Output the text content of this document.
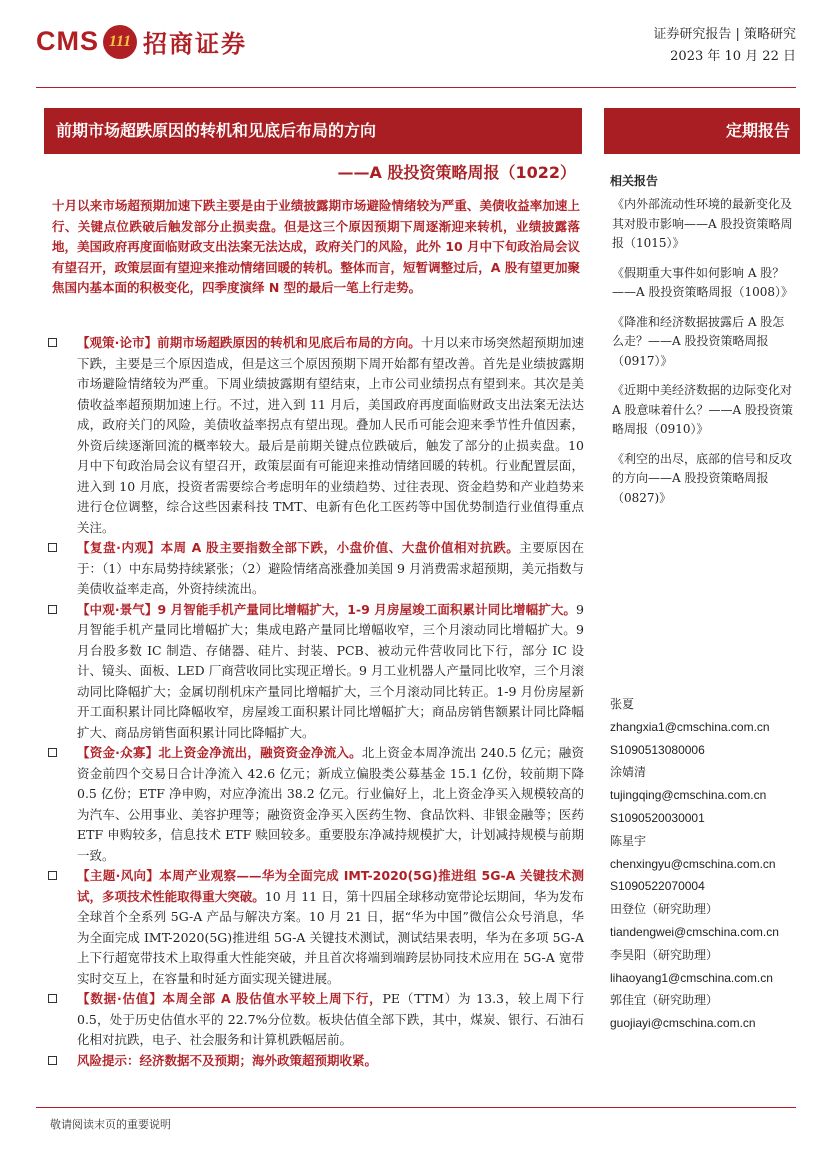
CMS 111 招商证券	证券研究报告 | 策略研究
2023 年 10 月 22 日
前期市场超跌原因的转机和见底后布局的方向
——A 股投资策略周报（1022）
定期报告
十月以来市场超预期加速下跌主要是由于业绩披露期市场避险情绪较为严重、美债收益率加速上行、关键点位跌破后触发部分止损卖盘。但是这三个原因预期下周逐渐迎来转机，业绩披露落地，美国政府再度面临财政支出法案无法达成，政府关门的风险，此外 10 月中下旬政治局会议有望召开，政策层面有望迎来推动情绪回暖的转机。整体而言，短暂调整过后，A 股有望更加聚焦国内基本面的积极变化，四季度演绎 N 型的最后一笔上行走势。
【观策·论市】前期市场超跌原因的转机和见底后布局的方向。十月以来市场突然超预期加速下跌，主要是三个原因造成，但是这三个原因预期下周开始都有望改善。首先是业绩披露期市场避险情绪较为严重。下周业绩披露期有望结束，上市公司业绩拐点有望到来。其次是美债收益率超预期加速上行。不过，进入到 11 月后，美国政府再度面临财政支出法案无法达成，政府关门的风险，美债收益率拐点有望出现。叠加人民币可能会迎来季节性升值因素，外资后续逐渐回流的概率较大。最后是前期关键点位跌破后，触发了部分的止损卖盘。10 月中下旬政治局会议有望召开，政策层面有可能迎来推动情绪回暖的转机。行业配置层面，进入到 10 月底，投资者需要综合考虑明年的业绩趋势、过往表现、资金趋势和产业趋势来进行仓位调整，综合这些因素科技 TMT、电新有色化工医药等中国优势制造行业值得重点关注。
【复盘·内观】本周 A 股主要指数全部下跌，小盘价值、大盘价值相对抗跌。主要原因在于：（1）中东局势持续紧张；（2）避险情绪高涨叠加美国 9 月消费需求超预期，美元指数与美债收益率走高，外资持续流出。
【中观·景气】9 月智能手机产量同比增幅扩大，1-9 月房屋竣工面积累计同比增幅扩大。9 月智能手机产量同比增幅扩大；集成电路产量同比增幅收窄，三个月滚动同比增幅扩大。9 月台股多数 IC 制造、存储器、硅片、封装、PCB、被动元件营收同比下行，部分 IC 设计、镜头、面板、LED 厂商营收同比实现正增长。9 月工业机器人产量同比收窄，三个月滚动同比降幅扩大；金属切削机床产量同比增幅扩大，三个月滚动同比转正。1-9 月份房屋新开工面积累计同比降幅收窄，房屋竣工面积累计同比增幅扩大；商品房销售额累计同比降幅扩大、商品房销售面积累计同比降幅扩大。
【资金·众寡】北上资金净流出，融资资金净流入。北上资金本周净流出 240.5 亿元；融资资金前四个交易日合计净流入 42.6 亿元；新成立偏股类公募基金 15.1 亿份，较前期下降 0.5 亿份；ETF 净申购，对应净流出 38.2 亿元。行业偏好上，北上资金净买入规模较高的为汽车、公用事业、美容护理等；融资资金净买入医药生物、食品饮料、非银金融等；医药 ETF 申购较多，信息技术 ETF 赎回较多。重要股东净减持规模扩大，计划减持规模与前期一致。
【主题·风向】本周产业观察——华为全面完成 IMT-2020(5G)推进组 5G-A 关键技术测试，多项技术性能取得重大突破。10 月 11 日，第十四届全球移动宽带论坛期间，华为发布全球首个全系列 5G-A 产品与解决方案。10 月 21 日，据“华为中国”微信公众号消息，华为全面完成 IMT-2020(5G)推进组 5G-A 关键技术测试，测试结果表明，华为在多项 5G-A 上下行超宽带技术上取得重大性能突破，并且首次将端到端跨层协同技术应用在 5G-A 宽带实时交互上，在容量和时延方面实现关键进展。
【数据·估值】本周全部 A 股估值水平较上周下行，PE（TTM）为 13.3，较上周下行 0.5，处于历史估值水平的 22.7%分位数。板块估值全部下跌，其中，煤炭、银行、石油石化相对抗跌，电子、社会服务和计算机跌幅居前。
风险提示：经济数据不及预期；海外政策超预期收紧。
敬请阅读末页的重要说明
相关报告
《内外部流动性环境的最新变化及其对股市影响——A 股投资策略周报（1015）》
《假期重大事件如何影响 A 股？——A 股投资策略周报（1008）》
《降准和经济数据披露后 A 股怎么走？——A 股投资策略周报（0917）》
《近期中美经济数据的边际变化对 A 股意味着什么？——A 股投资策略周报（0910）》
《利空的出尽，底部的信号和反攻的方向——A 股投资策略周报（0827)》
张夏
zhangxia1@cmschina.com.cn
S1090513080006
涂婧清
tujingqing@cmschina.com.cn
S1090520030001
陈星宇
chenxingyu@cmschina.com.cn
S1090522070004
田登位（研究助理）
tiandengwei@cmschina.com.cn
李昊阳（研究助理）
lihaoyang1@cmschina.com.cn
郭佳宜（研究助理）
guojiayi@cmschina.com.cn
